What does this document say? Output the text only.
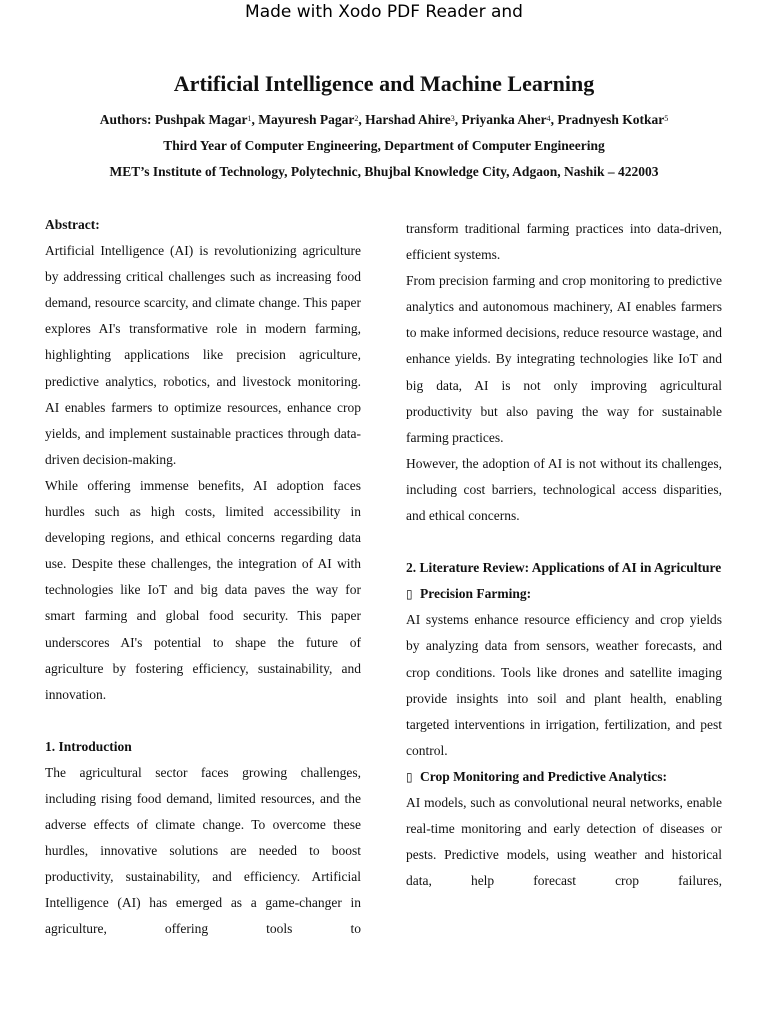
Made with Xodo PDF Reader and
Artificial Intelligence and Machine Learning
Authors: Pushpak Magar$^1$, Mayuresh Pagar$^2$, Harshad Ahire$^3$, Priyanka Aher$^4$, Pradnyesh Kotkar$^5$
Third Year of Computer Engineering, Department of Computer Engineering
MET’s Institute of Technology, Polytechnic, Bhujbal Knowledge City, Adgaon, Nashik – 422003

Abstract:

Artificial Intelligence (AI) is revolutionizing agriculture by addressing critical challenges such as increasing food demand, resource scarcity, and climate change. This paper explores AI's transformative role in modern farming, highlighting applications like precision agriculture, predictive analytics, robotics, and livestock monitoring. AI enables farmers to optimize resources, enhance crop yields, and implement sustainable practices through data-driven decision-making.

While offering immense benefits, AI adoption faces hurdles such as high costs, limited accessibility in developing regions, and ethical concerns regarding data use. Despite these challenges, the integration of AI with technologies like IoT and big data paves the way for smart farming and global food security. This paper underscores AI's potential to shape the future of agriculture by fostering efficiency, sustainability, and innovation.

1. Introduction

The agricultural sector faces growing challenges, including rising food demand, limited resources, and the adverse effects of climate change. To overcome these hurdles, innovative solutions are needed to boost productivity, sustainability, and efficiency. Artificial Intelligence (AI) has emerged as a game-changer in agriculture, offering tools to

transform traditional farming practices into data-driven, efficient systems.

From precision farming and crop monitoring to predictive analytics and autonomous machinery, AI enables farmers to make informed decisions, reduce resource wastage, and enhance yields. By integrating technologies like IoT and big data, AI is not only improving agricultural productivity but also paving the way for sustainable farming practices.

However, the adoption of AI is not without its challenges, including cost barriers, technological access disparities, and ethical concerns.

2. Literature Review: Applications of AI in Agriculture

▯ Precision Farming:

AI systems enhance resource efficiency and crop yields by analyzing data from sensors, weather forecasts, and crop conditions. Tools like drones and satellite imaging provide insights into soil and plant health, enabling targeted interventions in irrigation, fertilization, and pest control.

▯ Crop Monitoring and Predictive Analytics:

AI models, such as convolutional neural networks, enable real-time monitoring and early detection of diseases or pests. Predictive models, using weather and historical data, help forecast crop failures,
